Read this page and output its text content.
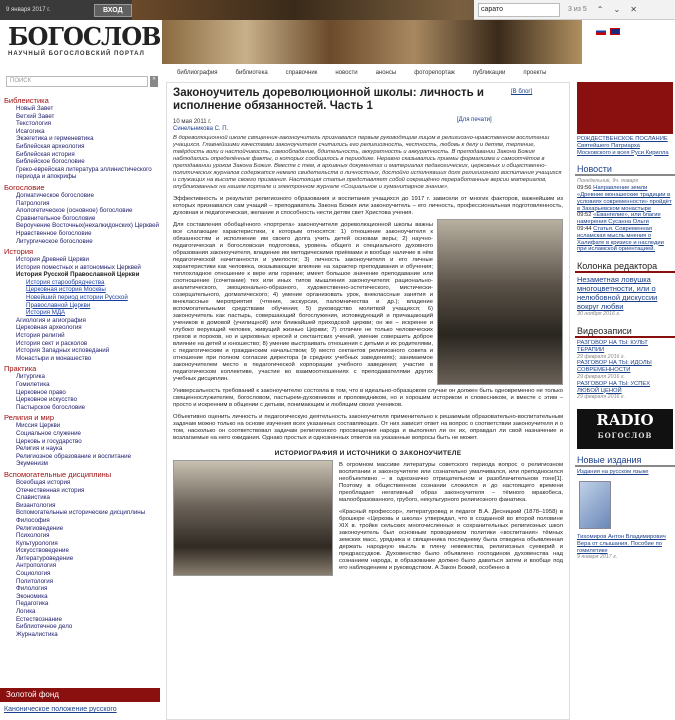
9 января 2017 г.	ВХОД	сарато	3 из 5 ⌃ ⌄ ✕
БОГОСЛОВ
НАУЧНЫЙ БОГОСЛОВСКИЙ ПОРТАЛ
ПОИСК	»
библиография	библиотека	справочник	новости	анонсы	фоторепортаж	публикации	проекты
Библеистика
Новый Завет
Ветхий Завет
Текстология
Исагогика
Экзегетика и герменевтика
Библейская археология
Библейская история
Библейское богословие
Греко-еврейская литература эллинистического периода и апокрифы
Богословие
Догматическое богословие
Патрология
Апологетическое (основное) богословие
Сравнительное богословие
Вероучение Восточных(нехалкидонских) Церквей
Нравственное богословие
Литургическое богословие
История
История Древней Церкви
История поместных и автономных Церквей
История Русской Православной Церкви
История старообрядчества
Церковная история Москвы
Новейший период истории Русской Православной Церкви
История МДА
Агиология и агиография
Церковная археология
История религий
История сект и расколов
История Западных исповеданий
Монастыри и монашество
Практика
Литургика
Гомилетика
Церковное право
Церковное искусство
Пастырское богословие
Религия и мир
Миссия Церкви
Социальное служение
Церковь и государство
Религия и наука
Религиозное образование и воспитание
Экуменизм
Вспомогательные дисциплины
Всеобщая история
Отечественная история
Славистика
Византология
Вспомогательные исторические дисциплины
Философия
Религиоведение
Психология
Культурология
Искусствоведение
Литературоведение
Антропология
Социология
Политология
Филология
Экономика
Педагогика
Логика
Естествознание
Библиотечное дело
Журналистика
Золотой фонд
Каноническое положение русского
Законоучитель дореволюционной школы: личность и исполнение обязанностей. Часть 1
[В блог]
10 мая 2011 г.	[Для печати]
Синельникова С. П.
В дореволюционной школе священник-законоучитель признавался первым руководящим лицом в религиозно-нравственном воспитании учащихся. Главнейшими качествами законоучителя считались его религиозность, честность, любовь к делу и детям, терпение, твёрдость воли и настойчивость, самообладание, бдительность, аккуратность и аккуратность. В преподавании Закона Божия наблюдались определённые факты, о которых сообщалось в периодике. Неравно сказывались приемы формализма и самоотчётов в преподавании уроков Закона Божия. Вместе с тем, в архивных документах и материалах педагогических, церковных и общественно-политических журналов содержатся немало свидетельств о личностных, достойно исполнявших долг религиозного воспитания учащихся и служащих на высоте своего призвания. Настоящая статья представляет собой сокращённо переработанные версии материалов, опубликованных на нашем портале и электронном журнале «Социальное и гуманитарное знание».
Эффективность и результат религиозного образования и воспитания учащихся до 1917 г. зависели от многих факторов, важнейшим из которых признавался сам учащий – преподаватель Закона Божия или законоучитель – его личность, профессиональная подготовленность, духовная и педагогическая, желание и способность нести детям свет Христова учения.
Для составления обобщённого «портрета» законоучителя дореволюционной школы важны все слагающие характеристики, к которым относятся: 1) отношение законоучителя к обязанностям и исполнение им своего долга учить детей основам веры; 2) научно-педагогическая и богословская подготовка, уровень общего и специального духовного образования законоучителя, владение им методическими приёмами и вообще наличие в нём педагогической начитанности и умелости; 3) личность законоучителя и его личные характеристики как человека, оказывающие влияние на характер преподавания и обучения; теплохладное отношение к вере или горение; имеет большое значение преподавание или соотношение (сочетание) тех или иных типов мышления законоучителя: рационально-аналитического, эмоционально-образного, художественно-эстетического, мистически-созерцательного, догматического; 4) умение организовать урок, внеклассные занятия и внеклассные мероприятия (чтения, экскурсии, паломничества и др.); владение вспомогательными средствами обучения; 5) руководство молитвой учащихся; 6) законоучитель как пастырь, совершающий богослужения, исповедующий и причащающий учеников в домовой (училищной) или ближайшей приходской церкви; он же – искренне и глубоко верующий человек, живущий жизнью Церкви; 7) отличие не только человеческих грехов и пороков, но и церковных ересей и сектантских учений, умение совершить доброе влияние на детей и юношество; 8) умение выстраивать отношения с детьми и их родителями, с педагогическим и гражданским начальством; 9) место сектантов религиозного совета и отношение при полном согласии директора (в средних учебных заведениях); занимаемое законоучителем место в педагогической корпорации учебного заведения; участие в педагогическом коллективе, участие во взаимоотношениях с преподавателями других учебных дисциплин.
Универсальность требований к законоучителю состояла в том, что в идеально-образцовом случае он должен быть одновременно не только священнослужителем, богословом, пастырем-духовником и проповедником, но и хорошим историком и словесником, и вместе с этим – просто и искренним в общении с детьми, понимающим и любящим своих учеников.
Объективно оценить личность и педагогическую деятельность законоучителя применительно к решаемым образовательно-воспитательным задачам можно только на основе изучения всех указанных составляющих. От них зависит ответ на вопрос о соответствии законоучителя и о том, насколько он соответствовал задачам религиозного просвещения народа и выполнял ли он их, оправдал ли свой назначение и возлагаемые на него ожидания. Однако простых и однозначных ответов на указанные вопросы быть не может.
ИСТОРИОГРАФИЯ И ИСТОЧНИКИ О ЗАКОНОУЧИТЕЛЕ
В огромном массиве литературы советского периода вопрос о религиозном воспитании и законоучителе или сознательно умалчивался, или преподносился необъективно – в однозначно отрицательном и разоблачительном тоне[1]. Поэтому в общественном сознании сложился и до настоящего времени преобладает негативный образ законоучителя – тёмного мракобеса, малообразованного, грубого, некультурного религиозного фанатика.
«Красный профессор», литературовед и педагог В.А. Десницкий (1878–1958) в брошюре «Церковь и школа» утверждал, что в созданной во второй половине XIX в. тройке сельских многочисленных и сохранительных религиозных школ законоучитель был основным проводником политики «воспитания» тёмных земских масс, урядника и священника последнему была отведена объявленная держать народную мысль в плену невежества, религиозных суеверий и предрассудков. Духовенство было объявлено господином духовенства над сознанием народа, в образование должно было даваться затем и вообще под его наблюдением и руководством. А Закон Божий, особенно в
РОЖДЕСТВЕНСКОЕ ПОСЛАНИЕ Святейшего Патриарха Московского и всея Руси Кирилла
Новости
Понедельник, 9ч. января
09:56 Направление земли «Древние монашеские традиции в условиях современности» пройдёт в Захарьевском монастыре
09:52 «Евангелие», или благие намерения Сусанна Ольги
09:44 Статья. Современная исламская мысль мнения о Халифате в кризисе и наследии при исламской ориентацией.
Колонка редактора
Незаметная ловушка многоцветности, или о нелюбовной дискуссии вокруг любви
30 ноября 2016 г.
Видеозаписи
РАЗГОВОР НА ТЫ: КУЛЬТ ТЕРАПИИ
29 февраля 2016 г.
РАЗГОВОР НА ТЫ: ИДОЛЫ СОВРЕМЕННОСТИ
29 февраля 2016 г.
РАЗГОВОР НА ТЫ: УСПЕХ ЛЮБОЙ ЦЕНОЙ
29 февраля 2016 г.
RADIO
БОГОСЛОВ
Новые издания
Издания на русском языке
Тихомиров Антон Владимирович
Вера от слышания. Пособие по гомилетике
9 января 2017 г.
